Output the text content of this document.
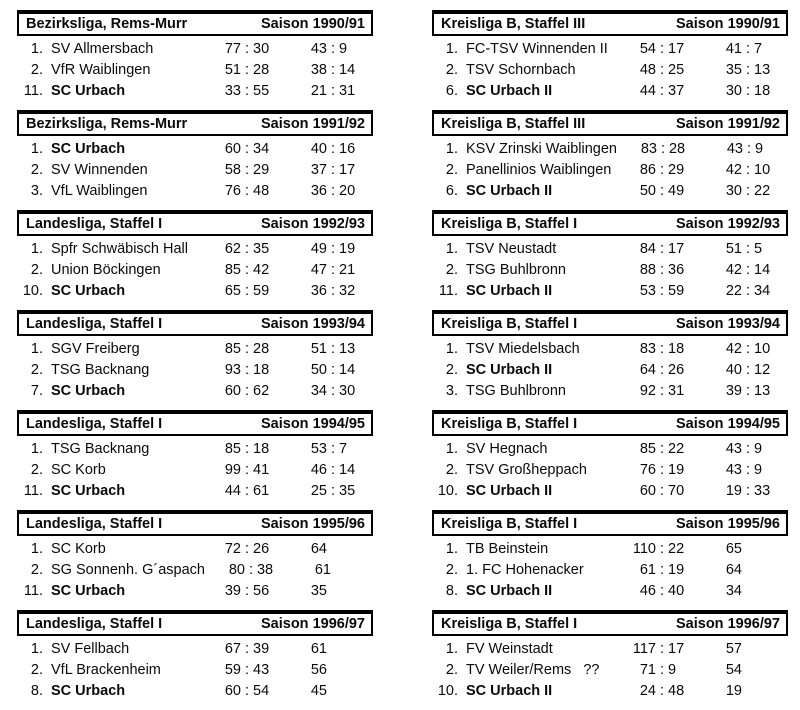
Bezirksliga, Rems-Murr	Saison 1990/91
1. SV Allmersbach	77 : 30	43 : 9
2. VfR Waiblingen	51 : 28	38 : 14
11. SC Urbach	33 : 55	21 : 31
Bezirksliga, Rems-Murr	Saison 1991/92
1. SC Urbach	60 : 34	40 : 16
2. SV Winnenden	58 : 29	37 : 17
3. VfL Waiblingen	76 : 48	36 : 20
Landesliga, Staffel I	Saison 1992/93
1. Spfr Schwäbisch Hall	62 : 35	49 : 19
2. Union Böckingen	85 : 42	47 : 21
10. SC Urbach	65 : 59	36 : 32
Landesliga, Staffel I	Saison 1993/94
1. SGV Freiberg	85 : 28	51 : 13
2. TSG Backnang	93 : 18	50 : 14
7. SC Urbach	60 : 62	34 : 30
Landesliga, Staffel I	Saison 1994/95
1. TSG Backnang	85 : 18	53 : 7
2. SC Korb	99 : 41	46 : 14
11. SC Urbach	44 : 61	25 : 35
Landesliga, Staffel I	Saison 1995/96
1. SC Korb	72 : 26	64
2. SG Sonnenh. G´aspach	80 : 38	61
11. SC Urbach	39 : 56	35
Landesliga, Staffel I	Saison 1996/97
1. SV Fellbach	67 : 39	61
2. VfL Brackenheim	59 : 43	56
8. SC Urbach	60 : 54	45
Kreisliga B, Staffel III	Saison 1990/91
1. FC-TSV Winnenden II	54 : 17	41 : 7
2. TSV Schornbach	48 : 25	35 : 13
6. SC Urbach II	44 : 37	30 : 18
Kreisliga B, Staffel III	Saison 1991/92
1. KSV Zrinski Waiblingen	83 : 28	43 : 9
2. Panellinios Waiblingen	86 : 29	42 : 10
6. SC Urbach II	50 : 49	30 : 22
Kreisliga B, Staffel I	Saison 1992/93
1. TSV Neustadt	84 : 17	51 : 5
2. TSG Buhlbronn	88 : 36	42 : 14
11. SC Urbach II	53 : 59	22 : 34
Kreisliga B, Staffel I	Saison 1993/94
1. TSV Miedelsbach	83 : 18	42 : 10
2. SC Urbach II	64 : 26	40 : 12
3. TSG Buhlbronn	92 : 31	39 : 13
Kreisliga B, Staffel I	Saison 1994/95
1. SV Hegnach	85 : 22	43 : 9
2. TSV Großheppach	76 : 19	43 : 9
10. SC Urbach II	60 : 70	19 : 33
Kreisliga B, Staffel I	Saison 1995/96
1. TB Beinstein	110 : 22	65
2. 1. FC Hohenacker	61 : 19	64
8. SC Urbach II	46 : 40	34
Kreisliga B, Staffel I	Saison 1996/97
1. FV Weinstadt	117 : 17	57
2. TV Weiler/Rems   ??	71 : 9	54
10. SC Urbach II	24 : 48	19
